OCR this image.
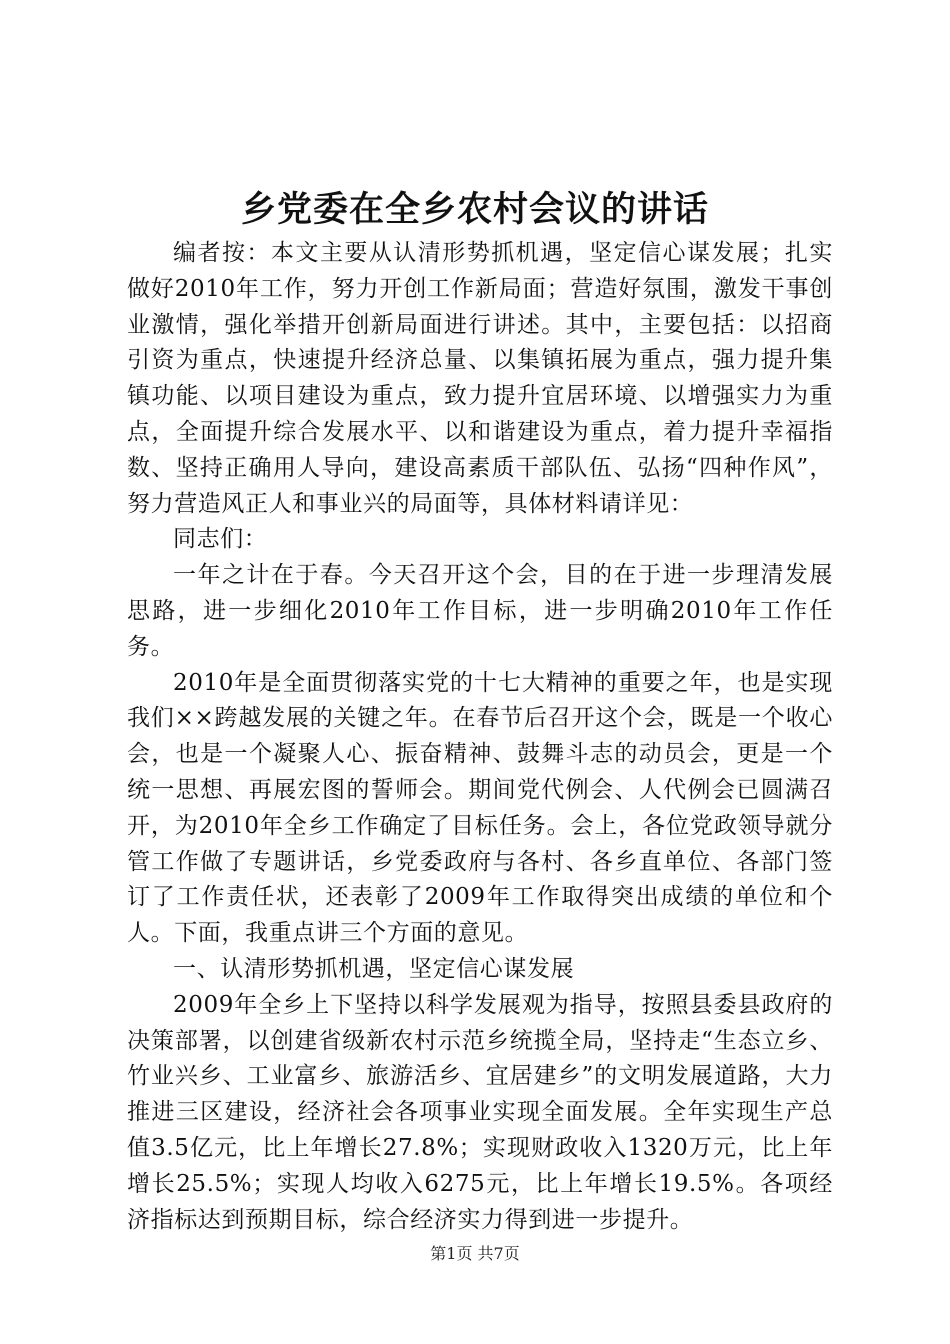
乡党委在全乡农村会议的讲话

编者按：本文主要从认清形势抓机遇，坚定信心谋发展；扎实做好2010年工作，努力开创工作新局面；营造好氛围，激发干事创业激情，强化举措开创新局面进行讲述。其中，主要包括：以招商引资为重点，快速提升经济总量、以集镇拓展为重点，强力提升集镇功能、以项目建设为重点，致力提升宜居环境、以增强实力为重点，全面提升综合发展水平、以和谐建设为重点，着力提升幸福指数、坚持正确用人导向，建设高素质干部队伍、弘扬“四种作风”，努力营造风正人和事业兴的局面等，具体材料请详见：

同志们：

一年之计在于春。今天召开这个会，目的在于进一步理清发展思路，进一步细化2010年工作目标，进一步明确2010年工作任务。

2010年是全面贯彻落实党的十七大精神的重要之年，也是实现我们××跨越发展的关键之年。在春节后召开这个会，既是一个收心会，也是一个凝聚人心、振奋精神、鼓舞斗志的动员会，更是一个统一思想、再展宏图的誓师会。期间党代例会、人代例会已圆满召开，为2010年全乡工作确定了目标任务。会上，各位党政领导就分管工作做了专题讲话，乡党委政府与各村、各乡直单位、各部门签订了工作责任状，还表彰了2009年工作取得突出成绩的单位和个人。下面，我重点讲三个方面的意见。

一、认清形势抓机遇，坚定信心谋发展

2009年全乡上下坚持以科学发展观为指导，按照县委县政府的决策部署，以创建省级新农村示范乡统揽全局，坚持走“生态立乡、竹业兴乡、工业富乡、旅游活乡、宜居建乡”的文明发展道路，大力推进三区建设，经济社会各项事业实现全面发展。全年实现生产总值3.5亿元，比上年增长27.8%；实现财政收入1320万元，比上年增长25.5%；实现人均收入6275元，比上年增长19.5%。各项经济指标达到预期目标，综合经济实力得到进一步提升。

第1页 共7页
